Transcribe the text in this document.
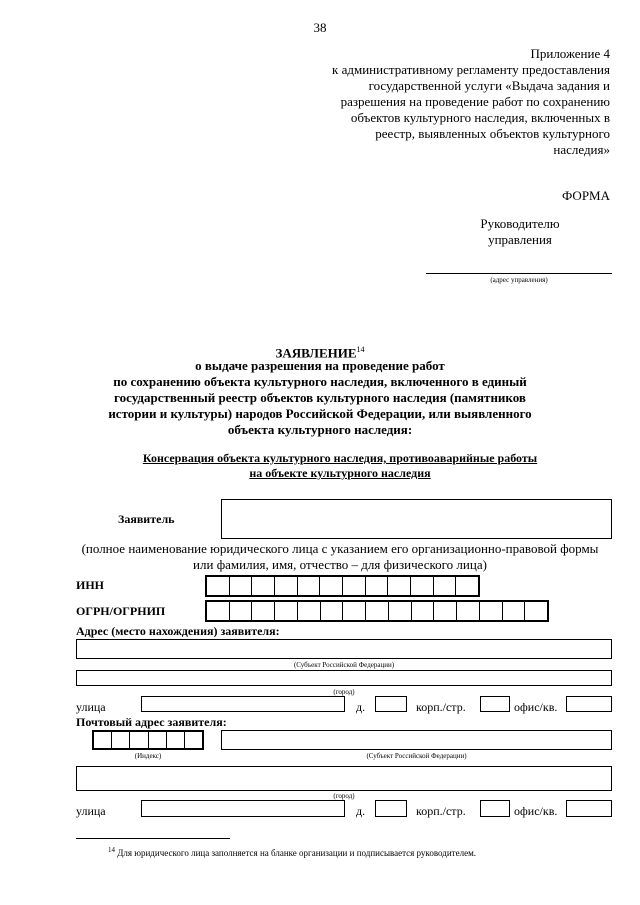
38
Приложение 4
к административному регламенту предоставления
государственной услуги «Выдача задания и
разрешения на проведение работ по сохранению
объектов культурного наследия, включенных в
реестр, выявленных объектов культурного
наследия»
ФОРМА
Руководителю
управления
(адрес управления)
ЗАЯВЛЕНИЕ$^{14}$
о выдаче разрешения на проведение работ
по сохранению объекта культурного наследия, включенного в единый
государственный реестр объектов культурного наследия (памятников
истории и культуры) народов Российской Федерации, или выявленного
объекта культурного наследия:
Консервация объекта культурного наследия, противоаварийные работы
на объекте культурного наследия
Заявитель
(полное наименование юридического лица с указанием его организационно-правовой формы
или фамилия, имя, отчество – для физического лица)
ИНН
ОГРН/ОГРНИП
Адрес (место нахождения) заявителя:
(Субъект Российской Федерации)
(город)
улица	д.	корп./стр.	офис/кв.
Почтовый адрес заявителя:
(Индекс)	(Субъект Российской Федерации)
(город)
улица	д.	корп./стр.	офис/кв.
$^{14}$ Для юридического лица заполняется на бланке организации и подписывается руководителем.
